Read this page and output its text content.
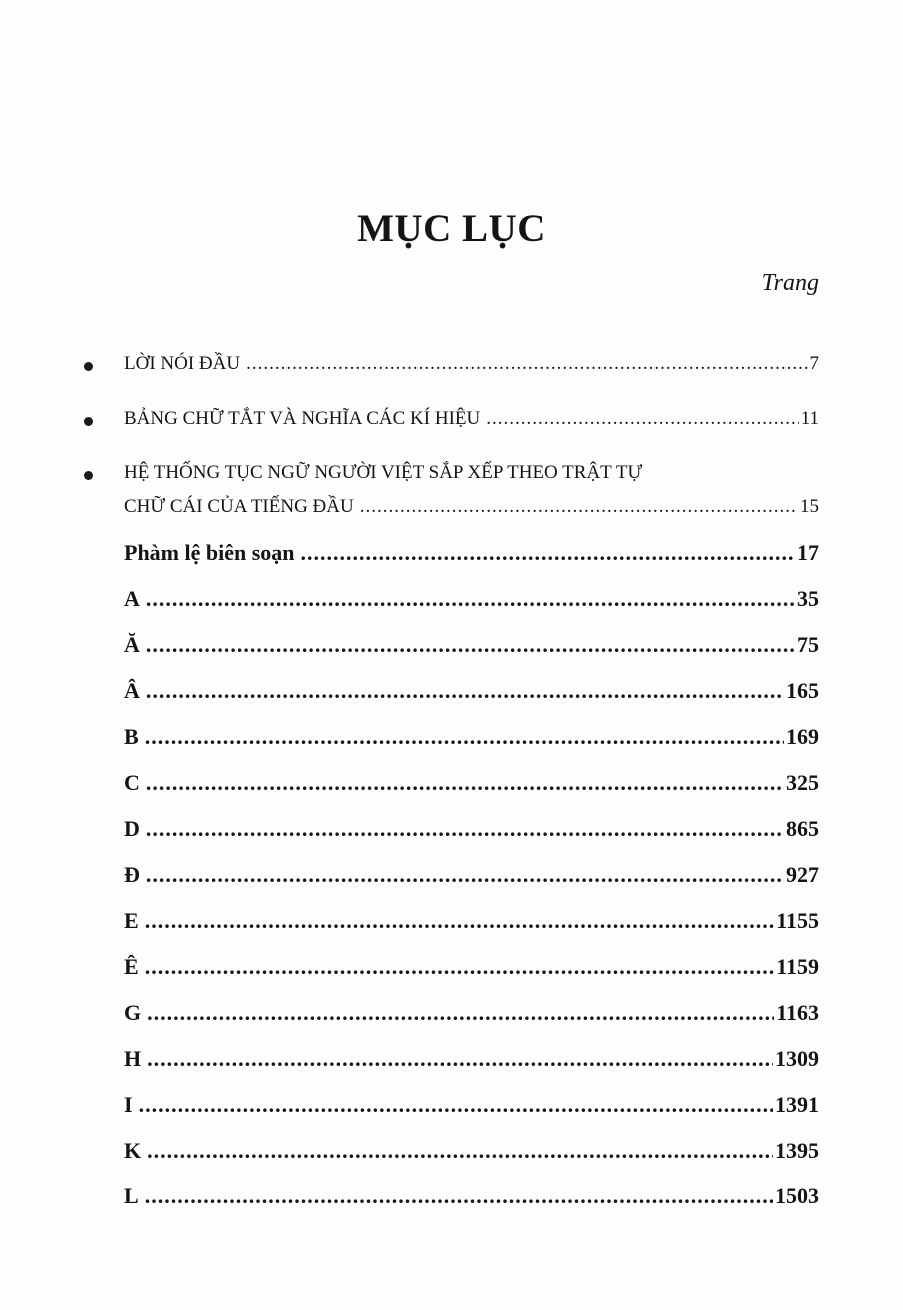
MỤC LỤC
Trang
LỜI NÓI ĐẦU .....	7
BẢNG CHỮ TẮT VÀ NGHĨA CÁC KÍ HIỆU .....	11
HỆ THỐNG TỤC NGỮ NGƯỜI VIỆT SẮP XẾP THEO TRẬT TỰ
CHỮ CÁI CỦA TIẾNG ĐẦU .....	15
Phàm lệ biên soạn .....	17
A .....	35
Ă .....	75
Â .....	165
B .....	169
C .....	325
D .....	865
Đ .....	927
E .....	1155
Ê .....	1159
G .....	1163
H .....	1309
I .....	1391
K .....	1395
L .....	1503
